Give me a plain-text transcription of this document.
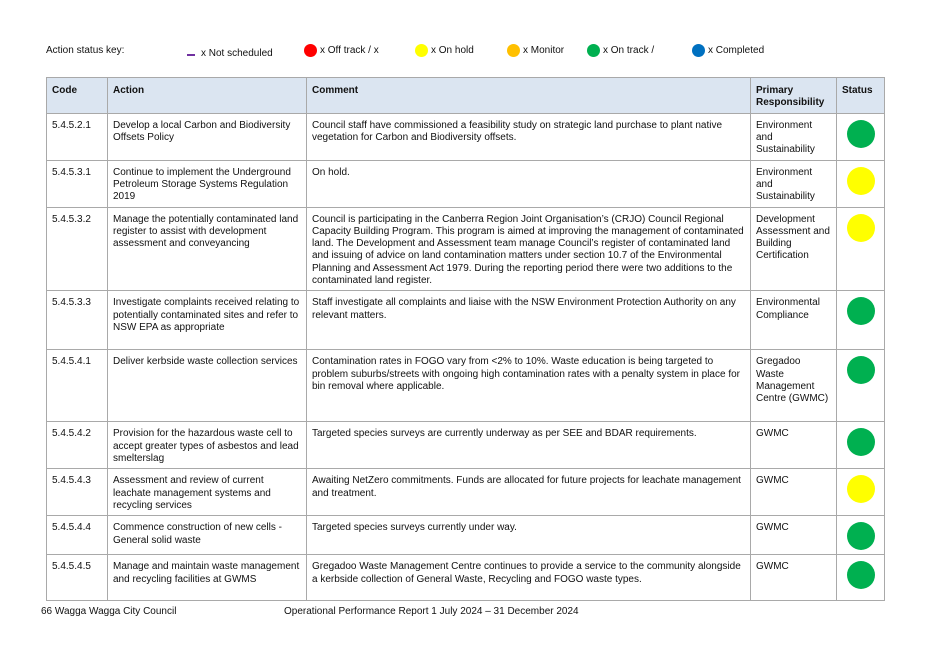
Action status key:	x Not scheduled	x Off track / x	x On hold	x Monitor	x On track /	x Completed
Code	Action	Comment	Primary Responsibility	Status
5.4.5.2.1	Develop a local Carbon and Biodiversity Offsets Policy	Council staff have commissioned a feasibility study on strategic land purchase to plant native vegetation for Carbon and Biodiversity offsets.	Environment and Sustainability	

5.4.5.3.1	Continue to implement the Underground Petroleum Storage Systems Regulation 2019	On hold.	Environment and Sustainability	

5.4.5.3.2	Manage the potentially contaminated land register to assist with development assessment and conveyancing	Council is participating in the Canberra Region Joint Organisation’s (CRJO) Council Regional Capacity Building Program. This program is aimed at improving the management of contaminated land. The Development and Assessment team manage Council’s register of contaminated land and issuing of advice on land contamination matters under section 10.7 of the Environmental Planning and Assessment Act 1979. During the reporting period there were two additions to the contaminated land register.	Development Assessment and Building Certification	

5.4.5.3.3	Investigate complaints received relating to potentially contaminated sites and refer to NSW EPA as appropriate	Staff investigate all complaints and liaise with the NSW Environment Protection Authority on any relevant matters.	Environmental Compliance	

5.4.5.4.1	Deliver kerbside waste collection services	Contamination rates in FOGO vary from <2% to 10%. Waste education is being targeted to problem suburbs/streets with ongoing high contamination rates with a penalty system in place for bin removal where applicable.	Gregadoo Waste Management Centre (GWMC)	

5.4.5.4.2	Provision for the hazardous waste cell to accept greater types of asbestos and lead smelterslag	Targeted species surveys are currently underway as per SEE and BDAR requirements.	GWMC	

5.4.5.4.3	Assessment and review of current leachate management systems and recycling services	Awaiting NetZero commitments. Funds are allocated for future projects for leachate management and treatment.	GWMC	

5.4.5.4.4	Commence construction of new cells - General solid waste	Targeted species surveys currently under way.	GWMC	

5.4.5.4.5	Manage and maintain waste management and recycling facilities at GWMS	Gregadoo Waste Management Centre continues to provide a service to the community alongside a kerbside collection of General Waste, Recycling and FOGO waste types.	GWMC	
66 Wagga Wagga City Council	Operational Performance Report 1 July 2024 – 31 December 2024
